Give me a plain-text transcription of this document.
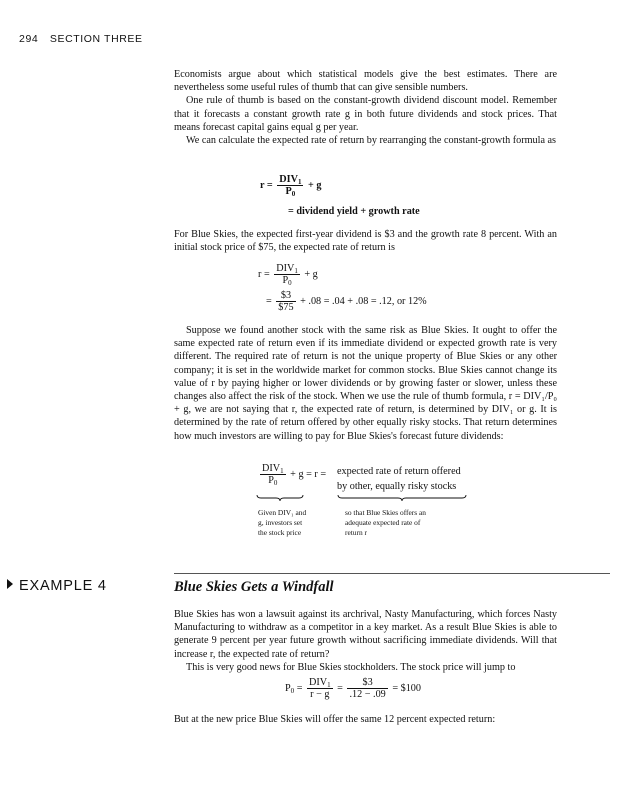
294 SECTION THREE

Economists argue about which statistical models give the best estimates. There are nevertheless some useful rules of thumb that can give sensible numbers.

One rule of thumb is based on the constant-growth dividend discount model. Remember that it forecasts a constant growth rate g in both future dividends and stock prices. That means forecast capital gains equal g per year.

We can calculate the expected rate of return by rearranging the constant-growth formula as

$r = \frac{DIV_1}{P_0} + g$
= dividend yield + growth rate

For Blue Skies, the expected first-year dividend is $3 and the growth rate 8 percent. With an initial stock price of $75, the expected rate of return is

$r = \frac{DIV_1}{P_0} + g$
= $\frac{\$3}{\$75} + .08 = .04 + .08 = .12$, or 12%

Suppose we found another stock with the same risk as Blue Skies. It ought to offer the same expected rate of return even if its immediate dividend or expected growth rate is very different. The required rate of return is not the unique property of Blue Skies or any other company; it is set in the worldwide market for common stocks. Blue Skies cannot change its value of r by paying higher or lower dividends or by growing faster or slower, unless these changes also affect the risk of the stock. When we use the rule of thumb formula, r = DIV₁/P₀ + g, we are not saying that r, the expected rate of return, is determined by DIV₁ or g. It is determined by the rate of return offered by other equally risky stocks. That return determines how much investors are willing to pay for Blue Skies's forecast future dividends:

$\frac{DIV_1}{P_0} + g = r$ = expected rate of return offered
by other, equally risky stocks
Given DIV₁ and
g, investors set
the stock price
so that Blue Skies offers an
adequate expected rate of
return r
EXAMPLE 4	Blue Skies Gets a Windfall

Blue Skies has won a lawsuit against its archrival, Nasty Manufacturing, which forces Nasty Manufacturing to withdraw as a competitor in a key market. As a result Blue Skies is able to generate 9 percent per year future growth without sacrificing immediate dividends. Will that increase r, the expected rate of return?

This is very good news for Blue Skies stockholders. The stock price will jump to

$P_0 = \frac{DIV_1}{r - g} = \frac{\$3}{.12 - .09}$ = $100

But at the new price Blue Skies will offer the same 12 percent expected return:
